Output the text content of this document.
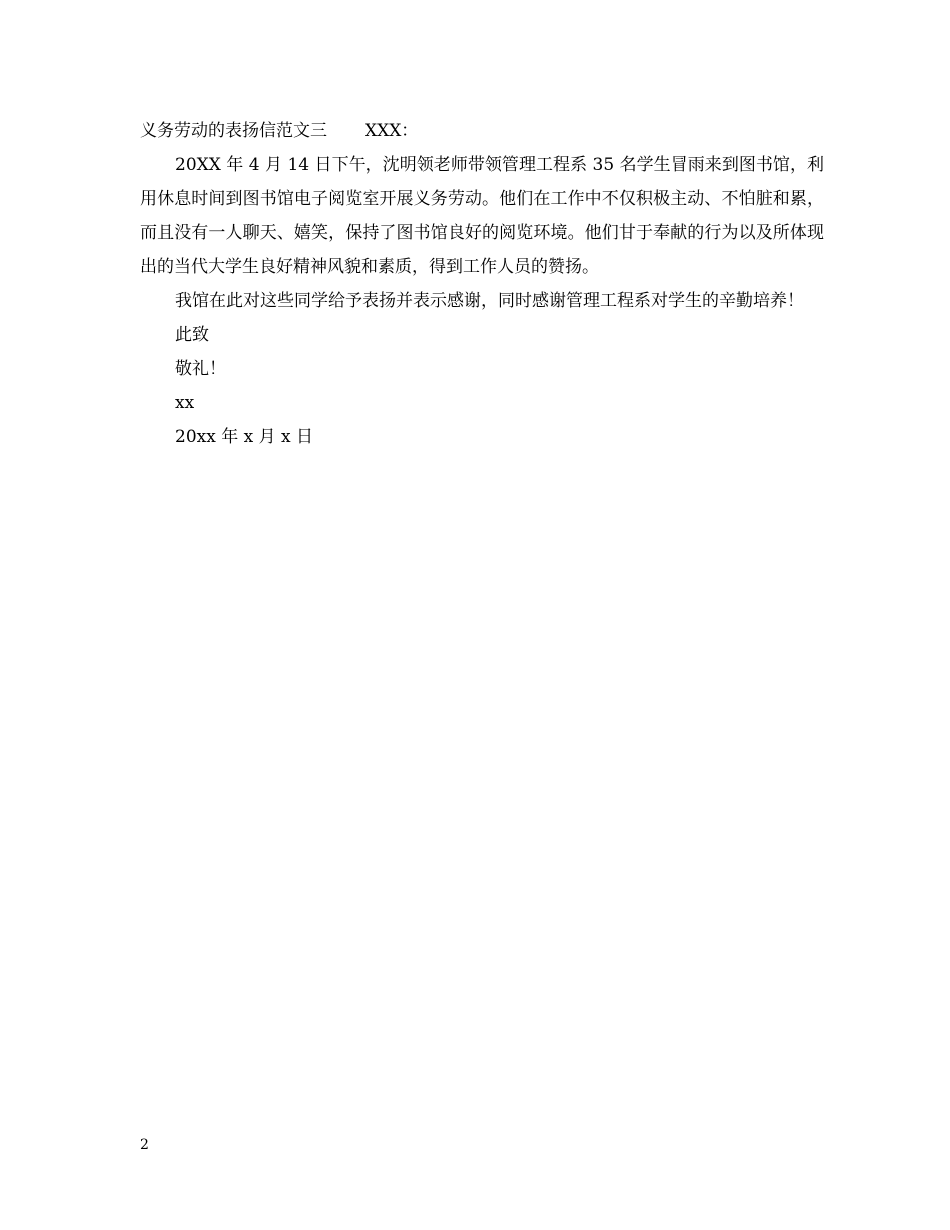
义务劳动的表扬信范文三 XXX：
20XX 年 4 月 14 日下午，沈明领老师带领管理工程系 35 名学生冒雨来到图书馆，利用休息时间到图书馆电子阅览室开展义务劳动。他们在工作中不仅积极主动、不怕脏和累，而且没有一人聊天、嬉笑，保持了图书馆良好的阅览环境。他们甘于奉献的行为以及所体现出的当代大学生良好精神风貌和素质，得到工作人员的赞扬。
我馆在此对这些同学给予表扬并表示感谢，同时感谢管理工程系对学生的辛勤培养！
此致
敬礼！
xx
20xx 年 x 月 x 日
2
